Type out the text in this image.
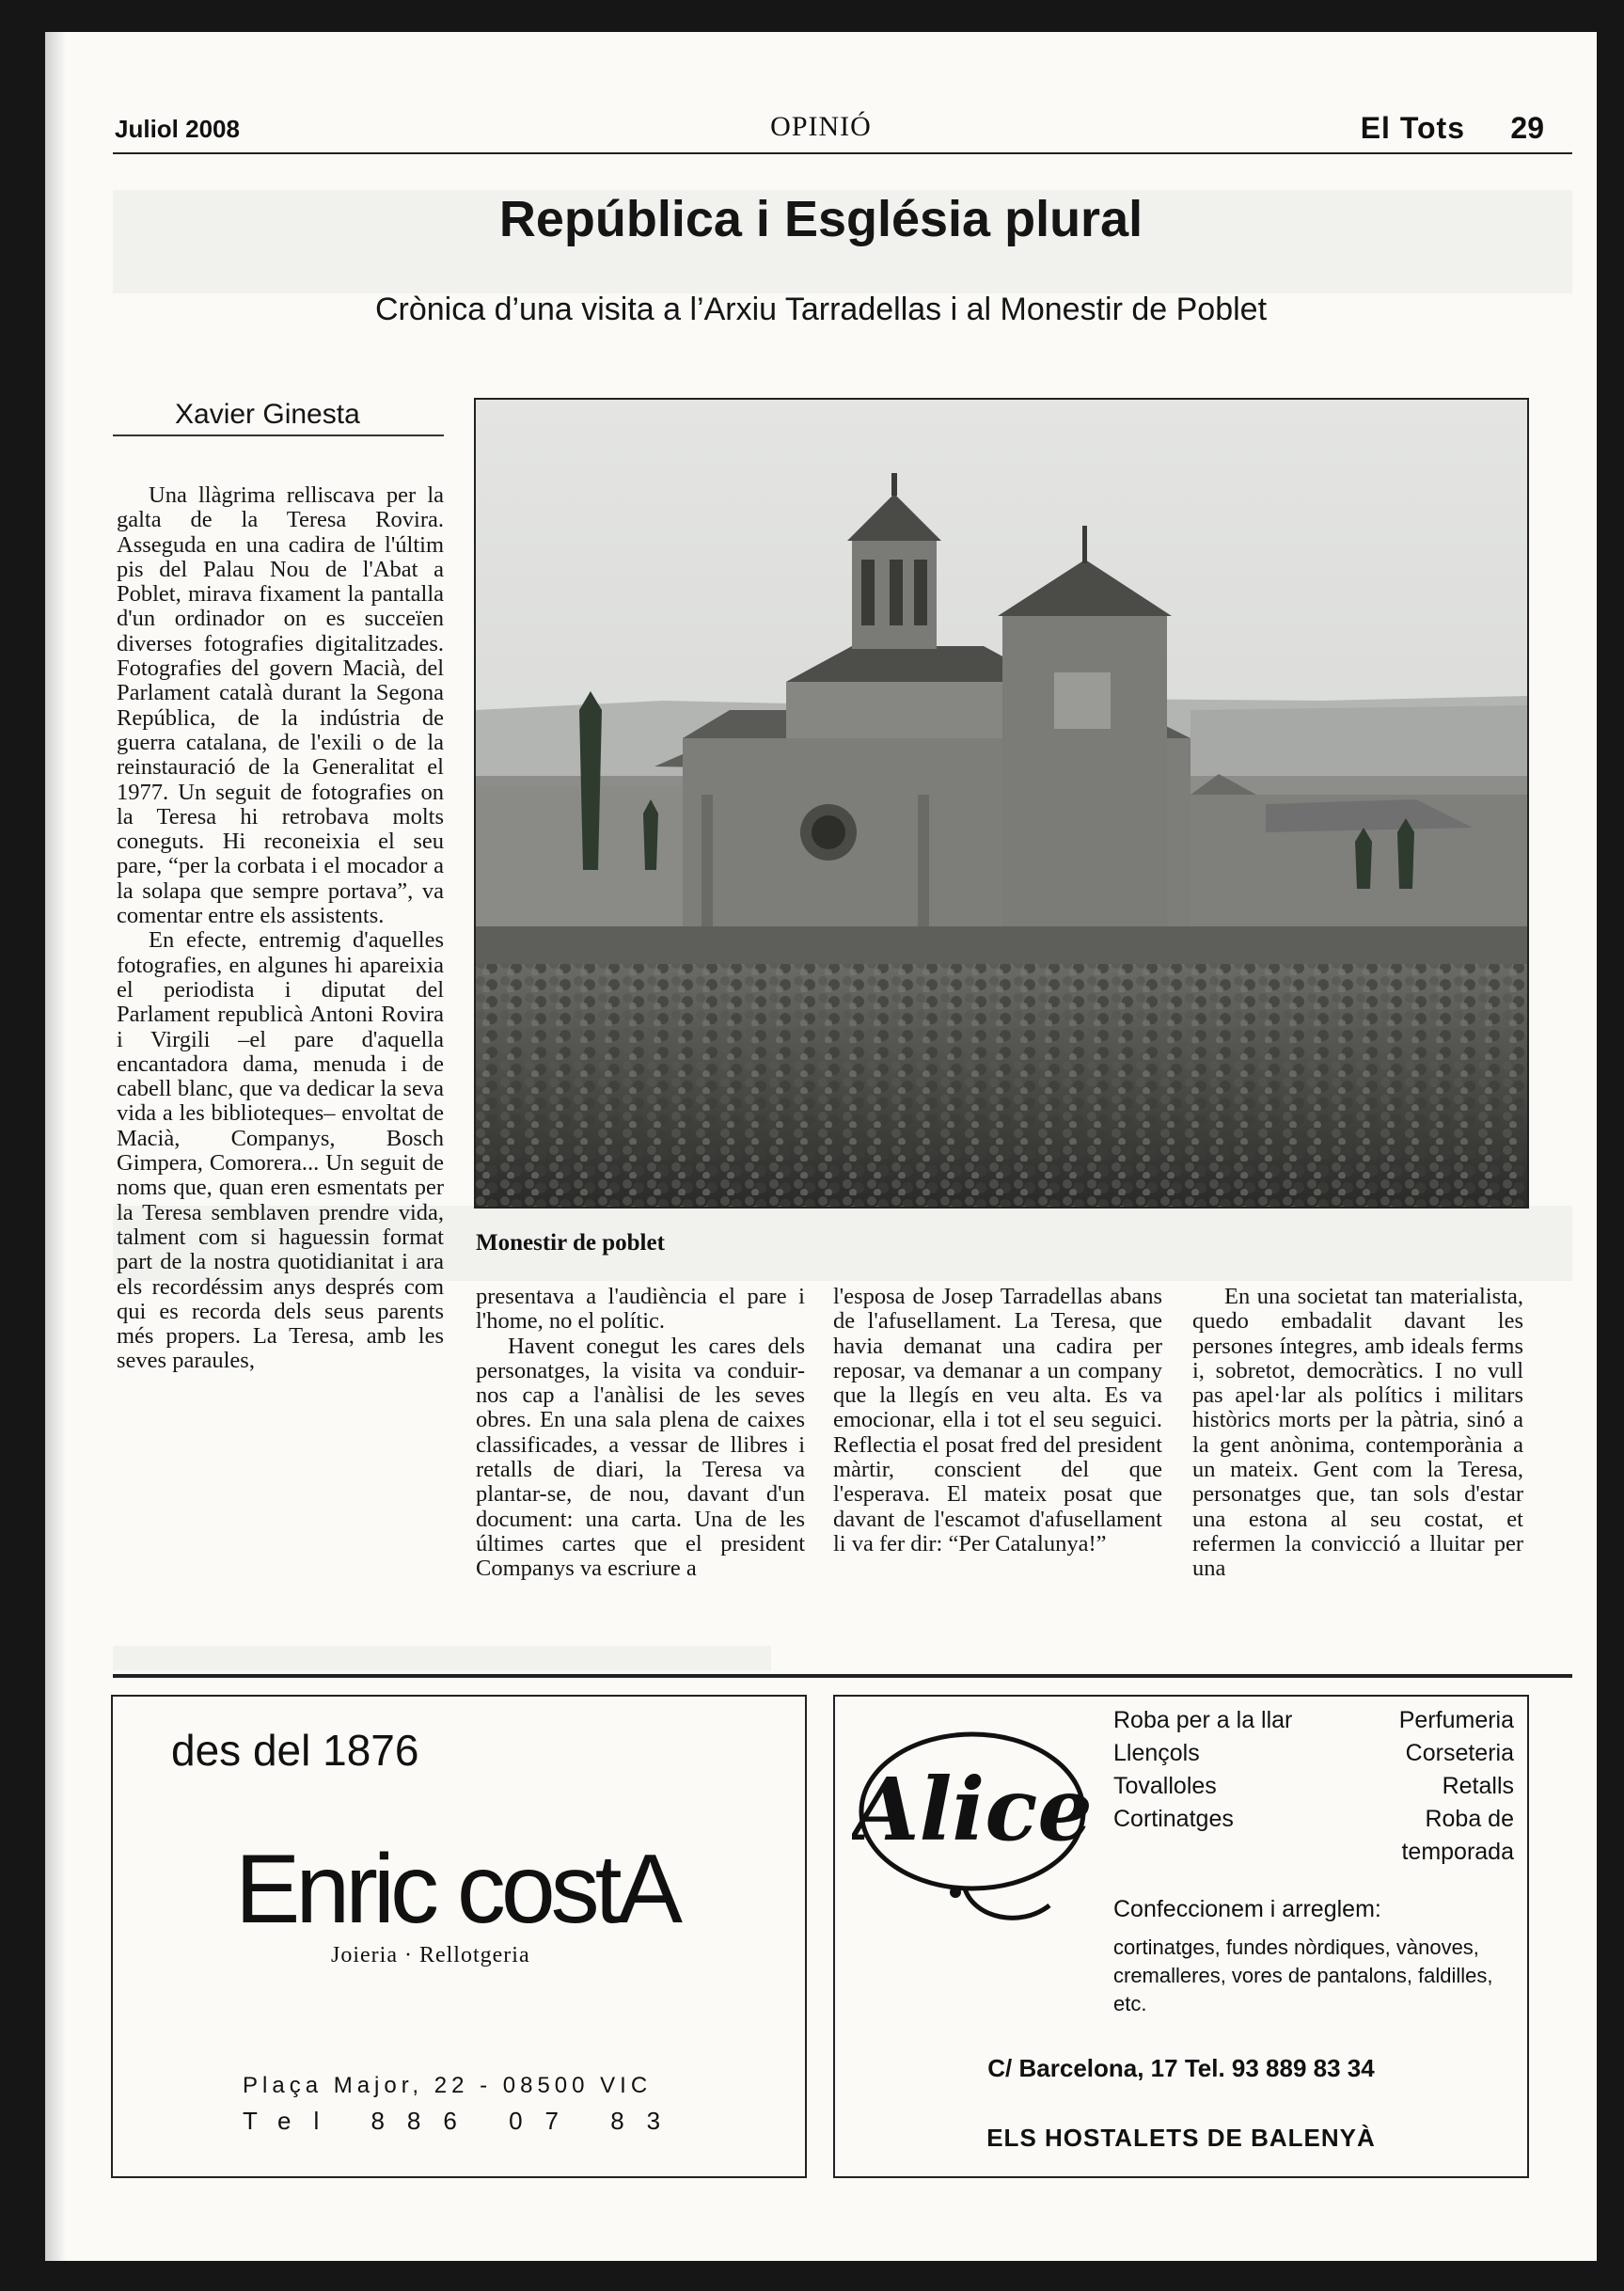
Juliol 2008	OPINIÓ	El Tots 29
República i Església plural
Crònica d’una visita a l’Arxiu Tarradellas i al Monestir de Poblet
Xavier Ginesta
Monestir de poblet

Una llàgrima relliscava per la galta de la Teresa Rovira. Asseguda en una cadira de l'últim pis del Palau Nou de l'Abat a Poblet, mirava fixament la pantalla d'un ordinador on es succeïen diverses fotografies digitalitzades. Fotografies del govern Macià, del Parlament català durant la Segona República, de la indústria de guerra catalana, de l'exili o de la reinstauració de la Generalitat el 1977. Un seguit de fotografies on la Teresa hi retrobava molts coneguts. Hi reconeixia el seu pare, “per la corbata i el mocador a la solapa que sempre portava”, va comentar entre els assistents.

En efecte, entremig d'aquelles fotografies, en algunes hi apareixia el periodista i diputat del Parlament republicà Antoni Rovira i Virgili –el pare d'aquella encantadora dama, menuda i de cabell blanc, que va dedicar la seva vida a les biblioteques– envoltat de Macià, Companys, Bosch Gimpera, Comorera... Un seguit de noms que, quan eren esmentats per la Teresa semblaven prendre vida, talment com si haguessin format part de la nostra quotidianitat i ara els recordéssim anys després com qui es recorda dels seus parents més propers. La Teresa, amb les seves paraules,

presentava a l'audiència el pare i l'home, no el polític.

Havent conegut les cares dels personatges, la visita va conduir-nos cap a l'anàlisi de les seves obres. En una sala plena de caixes classificades, a vessar de llibres i retalls de diari, la Teresa va plantar-se, de nou, davant d'un document: una carta. Una de les últimes cartes que el president Companys va escriure a

l'esposa de Josep Tarradellas abans de l'afusellament. La Teresa, que havia demanat una cadira per reposar, va demanar a un company que la llegís en veu alta. Es va emocionar, ella i tot el seu seguici. Reflectia el posat fred del president màrtir, conscient del que l'esperava. El mateix posat que davant de l'escamot d'afusellament li va fer dir: “Per Catalunya!”

En una societat tan materialista, quedo embadalit davant les persones íntegres, amb ideals ferms i, sobretot, democràtics. I no vull pas apel·lar als polítics i militars històrics morts per la pàtria, sinó a la gent anònima, contemporània a un mateix. Gent com la Teresa, personatges que, tan sols d'estar una estona al seu costat, et refermen la convicció a lluitar per una

des del 1876
Enric costA
Joieria · Rellotgeria
Plaça Major, 22 - 08500 VIC
Tel 886 07 83
Alice
Roba per a la llar
Llençols
Tovalloles
Cortinatges
Perfumeria
Corseteria
Retalls
Roba de
temporada
Confeccionem i arreglem:
cortinatges, fundes nòrdiques, vànoves, cremalleres, vores de pantalons, faldilles, etc.
C/ Barcelona, 17 Tel. 93 889 83 34
ELS HOSTALETS DE BALENYÀ
